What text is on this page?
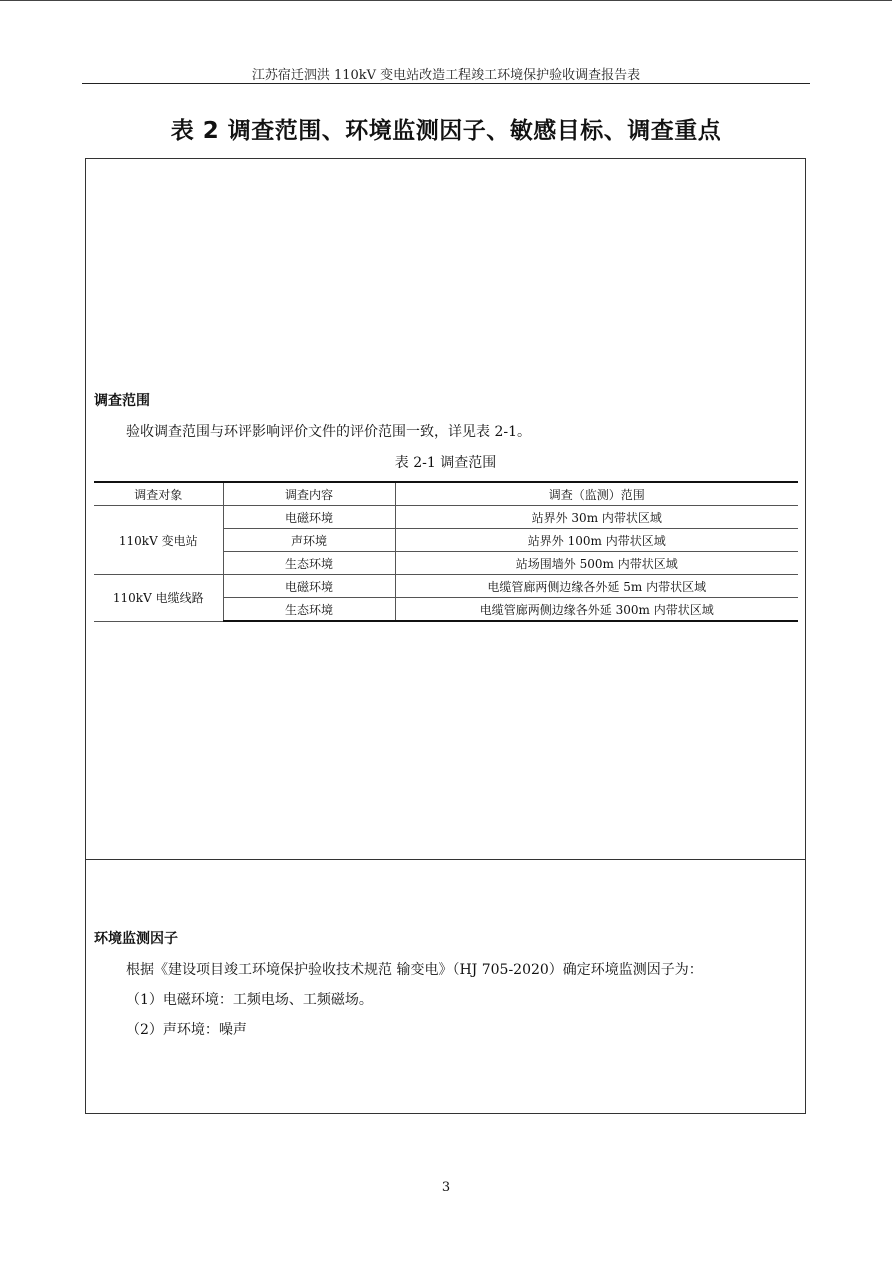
江苏宿迁泗洪 110kV 变电站改造工程竣工环境保护验收调查报告表
表 2 调查范围、环境监测因子、敏感目标、调查重点
调查范围
验收调查范围与环评影响评价文件的评价范围一致，详见表 2-1。
表 2-1 调查范围
调查对象	调查内容	调查（监测）范围
110kV 变电站	电磁环境	站界外 30m 内带状区域
	声环境	站界外 100m 内带状区域
	生态环境	站场围墙外 500m 内带状区域
110kV 电缆线路	电磁环境	电缆管廊两侧边缘各外延 5m 内带状区域
	生态环境	电缆管廊两侧边缘各外延 300m 内带状区域
环境监测因子
根据《建设项目竣工环境保护验收技术规范 输变电》（HJ 705-2020）确定环境监测因子为：
（1）电磁环境：工频电场、工频磁场。
（2）声环境：噪声
3
